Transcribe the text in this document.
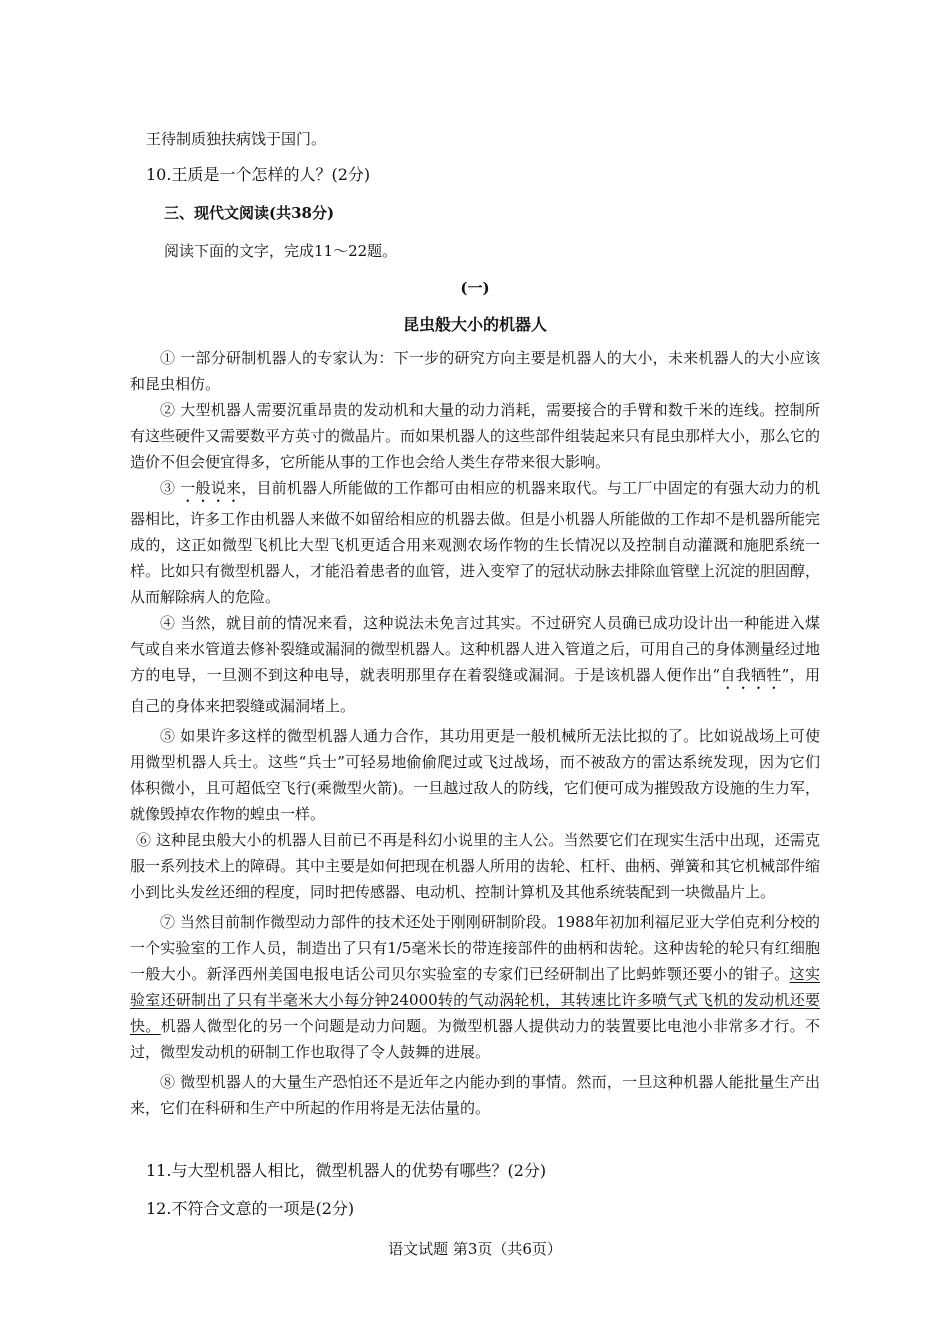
王待制质独扶病饯于国门。
10.王质是一个怎样的人？(2分)
三、现代文阅读(共38分)
阅读下面的文字，完成11～22题。
(一)
昆虫般大小的机器人

① 一部分研制机器人的专家认为：下一步的研究方向主要是机器人的大小，未来机器人的大小应该和昆虫相仿。

② 大型机器人需要沉重昂贵的发动机和大量的动力消耗，需要接合的手臂和数千米的连线。控制所有这些硬件又需要数平方英寸的微晶片。而如果机器人的这些部件组装起来只有昆虫那样大小，那么它的造价不但会便宜得多，它所能从事的工作也会给人类生存带来很大影响。

③ 一般说来，目前机器人所能做的工作都可由相应的机器来取代。与工厂中固定的有强大动力的机器相比，许多工作由机器人来做不如留给相应的机器去做。但是小机器人所能做的工作却不是机器所能完成的，这正如微型飞机比大型飞机更适合用来观测农场作物的生长情况以及控制自动灌溉和施肥系统一样。比如只有微型机器人，才能沿着患者的血管，进入变窄了的冠状动脉去排除血管壁上沉淀的胆固醇，从而解除病人的危险。

④ 当然，就目前的情况来看，这种说法未免言过其实。不过研究人员确已成功设计出一种能进入煤气或自来水管道去修补裂缝或漏洞的微型机器人。这种机器人进入管道之后，可用自己的身体测量经过地方的电导，一旦测不到这种电导，就表明那里存在着裂缝或漏洞。于是该机器人便作出“自我牺牲”，用自己的身体来把裂缝或漏洞堵上。

⑤ 如果许多这样的微型机器人通力合作，其功用更是一般机械所无法比拟的了。比如说战场上可使用微型机器人兵士。这些“兵士”可轻易地偷偷爬过或飞过战场，而不被敌方的雷达系统发现，因为它们体积微小，且可超低空飞行(乘微型火箭)。一旦越过敌人的防线，它们便可成为摧毁敌方设施的生力军，就像毁掉农作物的蝗虫一样。

⑥ 这种昆虫般大小的机器人目前已不再是科幻小说里的主人公。当然要它们在现实生活中出现，还需克服一系列技术上的障碍。其中主要是如何把现在机器人所用的齿轮、杠杆、曲柄、弹簧和其它机械部件缩小到比头发丝还细的程度，同时把传感器、电动机、控制计算机及其他系统装配到一块微晶片上。

⑦ 当然目前制作微型动力部件的技术还处于刚刚研制阶段。1988年初加利福尼亚大学伯克利分校的一个实验室的工作人员，制造出了只有1/5毫米长的带连接部件的曲柄和齿轮。这种齿轮的轮只有红细胞一般大小。新泽西州美国电报电话公司贝尔实验室的专家们已经研制出了比蚂蚱颚还要小的钳子。这实验室还研制出了只有半毫米大小每分钟24000转的气动涡轮机，其转速比许多喷气式飞机的发动机还要快。机器人微型化的另一个问题是动力问题。为微型机器人提供动力的装置要比电池小非常多才行。不过，微型发动机的研制工作也取得了令人鼓舞的进展。

⑧ 微型机器人的大量生产恐怕还不是近年之内能办到的事情。然而，一旦这种机器人能批量生产出来，它们在科研和生产中所起的作用将是无法估量的。

11.与大型机器人相比，微型机器人的优势有哪些？(2分)
12.不符合文意的一项是(2分)
语文试题 第3页（共6页）
